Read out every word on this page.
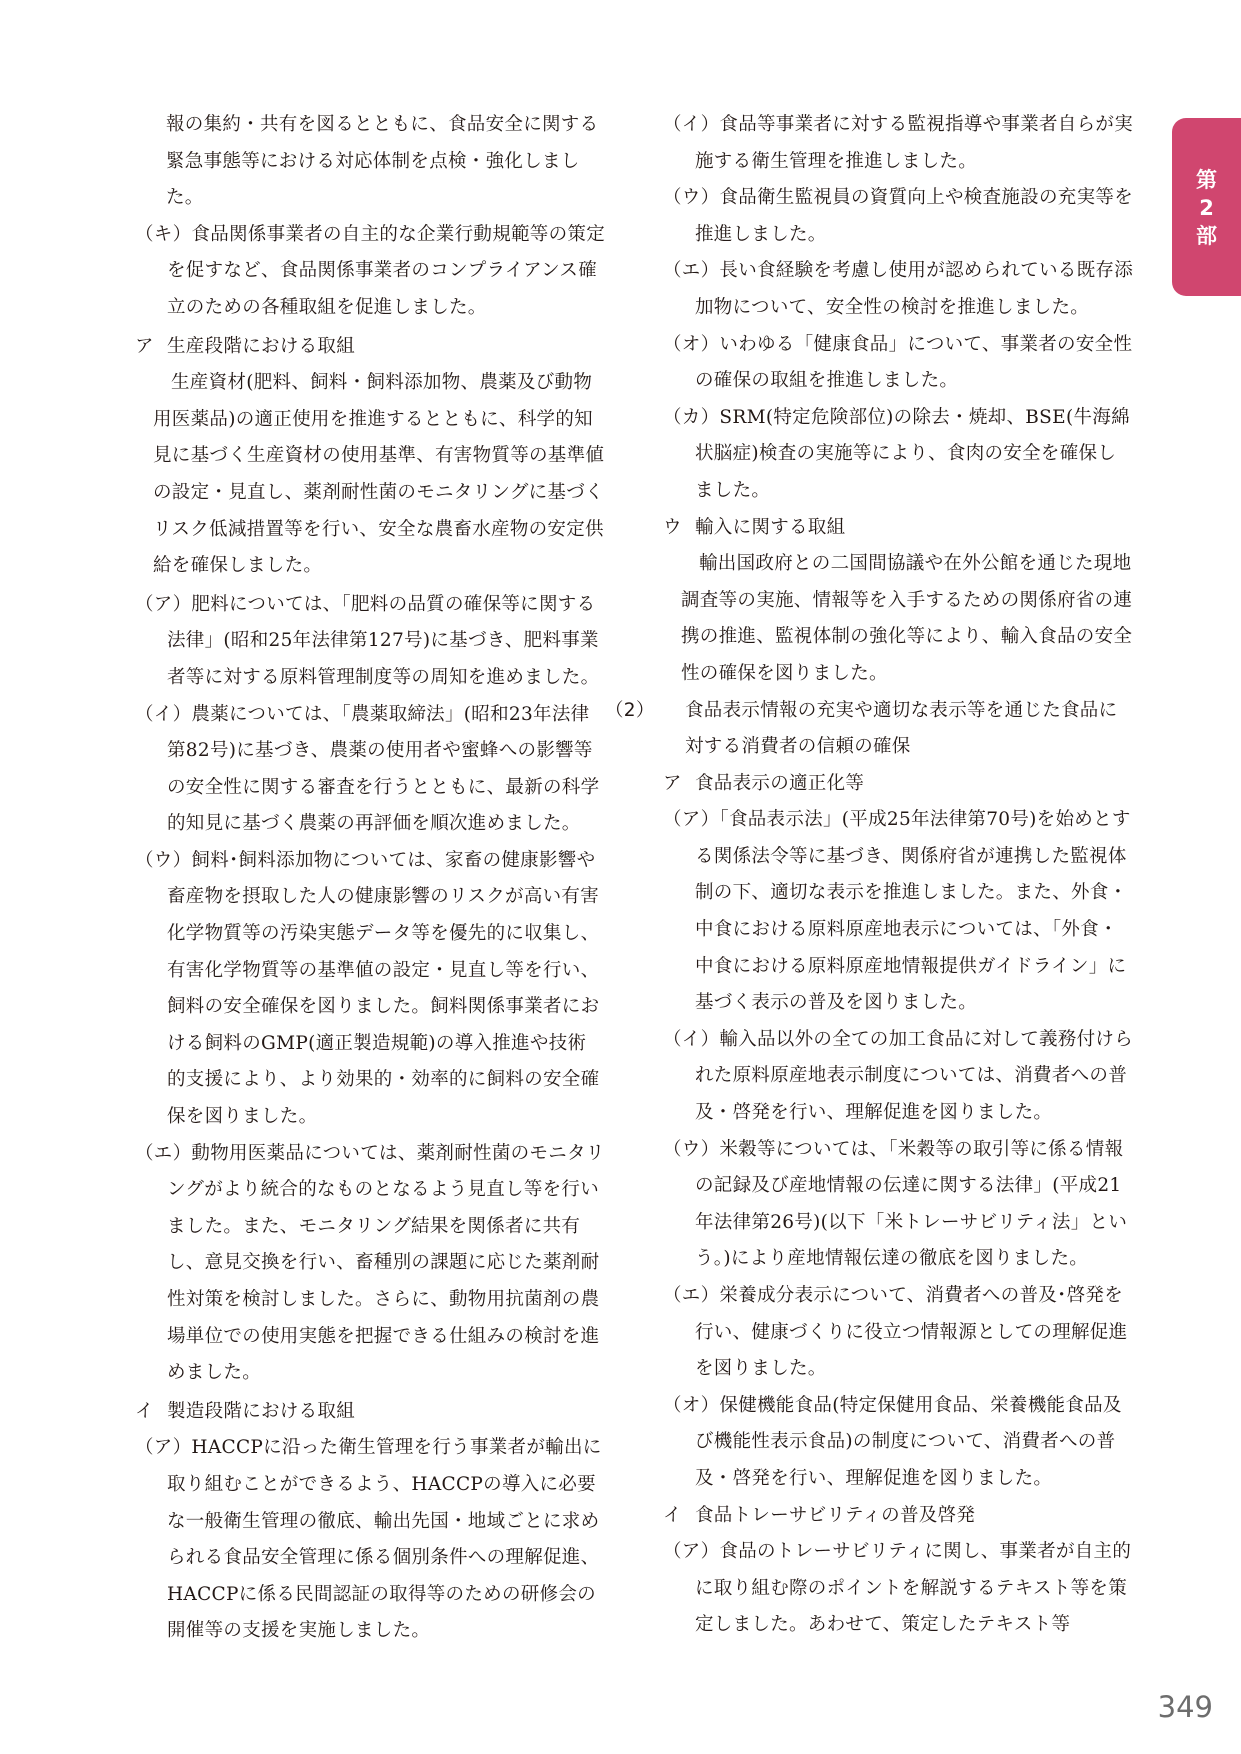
第
2
部

報の集約・共有を図るとともに、食品安全に関する緊急事態等における対応体制を点検・強化しました。

（キ）食品関係事業者の自主的な企業行動規範等の策定を促すなど、食品関係事業者のコンプライアンス確立のための各種取組を促進しました。

ア 生産段階における取組

生産資材(肥料、飼料・飼料添加物、農薬及び動物用医薬品)の適正使用を推進するとともに、科学的知見に基づく生産資材の使用基準、有害物質等の基準値の設定・見直し、薬剤耐性菌のモニタリングに基づくリスク低減措置等を行い、安全な農畜水産物の安定供給を確保しました。

（ア）肥料については、「肥料の品質の確保等に関する法律」(昭和25年法律第127号)に基づき、肥料事業者等に対する原料管理制度等の周知を進めました。

（イ）農薬については、「農薬取締法」(昭和23年法律第82号)に基づき、農薬の使用者や蜜蜂への影響等の安全性に関する審査を行うとともに、最新の科学的知見に基づく農薬の再評価を順次進めました。

（ウ）飼料･飼料添加物については、家畜の健康影響や畜産物を摂取した人の健康影響のリスクが高い有害化学物質等の汚染実態データ等を優先的に収集し、有害化学物質等の基準値の設定・見直し等を行い、飼料の安全確保を図りました。飼料関係事業者における飼料のGMP(適正製造規範)の導入推進や技術的支援により、より効果的・効率的に飼料の安全確保を図りました。

（エ）動物用医薬品については、薬剤耐性菌のモニタリングがより統合的なものとなるよう見直し等を行いました。また、モニタリング結果を関係者に共有し、意見交換を行い、畜種別の課題に応じた薬剤耐性対策を検討しました。さらに、動物用抗菌剤の農場単位での使用実態を把握できる仕組みの検討を進めました。

イ 製造段階における取組

（ア）HACCPに沿った衛生管理を行う事業者が輸出に取り組むことができるよう、HACCPの導入に必要な一般衛生管理の徹底、輸出先国・地域ごとに求められる食品安全管理に係る個別条件への理解促進、HACCPに係る民間認証の取得等のための研修会の開催等の支援を実施しました。

（イ）食品等事業者に対する監視指導や事業者自らが実施する衛生管理を推進しました。

（ウ）食品衛生監視員の資質向上や検査施設の充実等を推進しました。

（エ）長い食経験を考慮し使用が認められている既存添加物について、安全性の検討を推進しました。

（オ）いわゆる「健康食品」について、事業者の安全性の確保の取組を推進しました。

（カ）SRM(特定危険部位)の除去・焼却、BSE(牛海綿状脳症)検査の実施等により、食肉の安全を確保しました。

ウ 輸入に関する取組

輸出国政府との二国間協議や在外公館を通じた現地調査等の実施、情報等を入手するための関係府省の連携の推進、監視体制の強化等により、輸入食品の安全性の確保を図りました。

（2） 食品表示情報の充実や適切な表示等を通じた食品に対する消費者の信頼の確保

ア 食品表示の適正化等

（ア）「食品表示法」(平成25年法律第70号)を始めとする関係法令等に基づき、関係府省が連携した監視体制の下、適切な表示を推進しました。また、外食・中食における原料原産地表示については、「外食・中食における原料原産地情報提供ガイドライン」に基づく表示の普及を図りました。

（イ）輸入品以外の全ての加工食品に対して義務付けられた原料原産地表示制度については、消費者への普及・啓発を行い、理解促進を図りました。

（ウ）米穀等については、「米穀等の取引等に係る情報の記録及び産地情報の伝達に関する法律」(平成21年法律第26号)(以下「米トレーサビリティ法」という。)により産地情報伝達の徹底を図りました。

（エ）栄養成分表示について、消費者への普及･啓発を行い、健康づくりに役立つ情報源としての理解促進を図りました。

（オ）保健機能食品(特定保健用食品、栄養機能食品及び機能性表示食品)の制度について、消費者への普及・啓発を行い、理解促進を図りました。

イ 食品トレーサビリティの普及啓発

（ア）食品のトレーサビリティに関し、事業者が自主的に取り組む際のポイントを解説するテキスト等を策定しました。あわせて、策定したテキスト等

349
